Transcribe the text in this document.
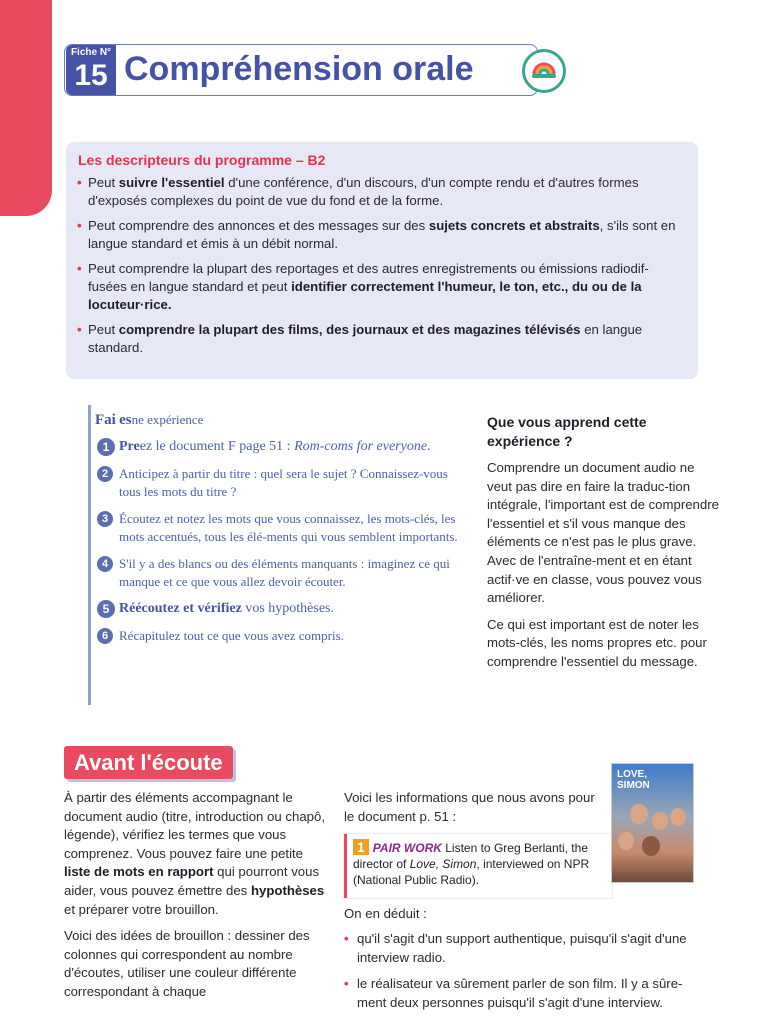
Fiche N°
15 Compréhension orale
Les descripteurs du programme – B2
• Peut suivre l'essentiel d'une conférence, d'un discours, d'un compte rendu et d'autres formes d'exposés complexes du point de vue du fond et de la forme.
• Peut comprendre des annonces et des messages sur des sujets concrets et abstraits, s'ils sont en langue standard et émis à un débit normal.
• Peut comprendre la plupart des reportages et des autres enregistrements ou émissions radiodif-fusées en langue standard et peut identifier correctement l'humeur, le ton, etc., du ou de la locuteur·rice.
• Peut comprendre la plupart des films, des journaux et des magazines télévisés en langue standard.
Fai esne expérience
1 Preez le document F page 51 : Rom-coms for everyone.
2 Anticipez à partir du titre : quel sera le sujet ? Connaissez-vous tous les mots du titre ?
3 Écoutez et notez les mots que vous connaissez, les mots-clés, les mots accentués, tous les élé-ments qui vous semblent importants.
4 S'il y a des blancs ou des éléments manquants : imaginez ce qui manque et ce que vous allez devoir écouter.
5 Réécoutez et vérifiez vos hypothèses.
6 Récapitulez tout ce que vous avez compris.
Que vous apprend cette expérience ?

Comprendre un document audio ne veut pas dire en faire la traduc-tion intégrale, l'important est de comprendre l'essentiel et s'il vous manque des éléments ce n'est pas le plus grave. Avec de l'entraîne-ment et en étant actif·ve en classe, vous pouvez vous améliorer.

Ce qui est important est de noter les mots-clés, les noms propres etc. pour comprendre l'essentiel du message.

Avant l'écoute

À partir des éléments accompagnant le document audio (titre, introduction ou chapô, légende), vérifiez les termes que vous comprenez. Vous pouvez faire une petite liste de mots en rapport qui pourront vous aider, vous pouvez émettre des hypothèses et préparer votre brouillon.

Voici des idées de brouillon : dessiner des colonnes qui correspondent au nombre d'écoutes, utiliser une couleur différente correspondant à chaque

Voici les informations que nous avons pour le document p. 51 :
1 PAIR WORK Listen to Greg Berlanti, the director of Love, Simon, interviewed on NPR (National Public Radio).
On en déduit :
• qu'il s'agit d'un support authentique, puisqu'il s'agit d'une interview radio.
• le réalisateur va sûrement parler de son film. Il y a sûre-ment deux personnes puisqu'il s'agit d'une interview.
LOVE,
SIMON
